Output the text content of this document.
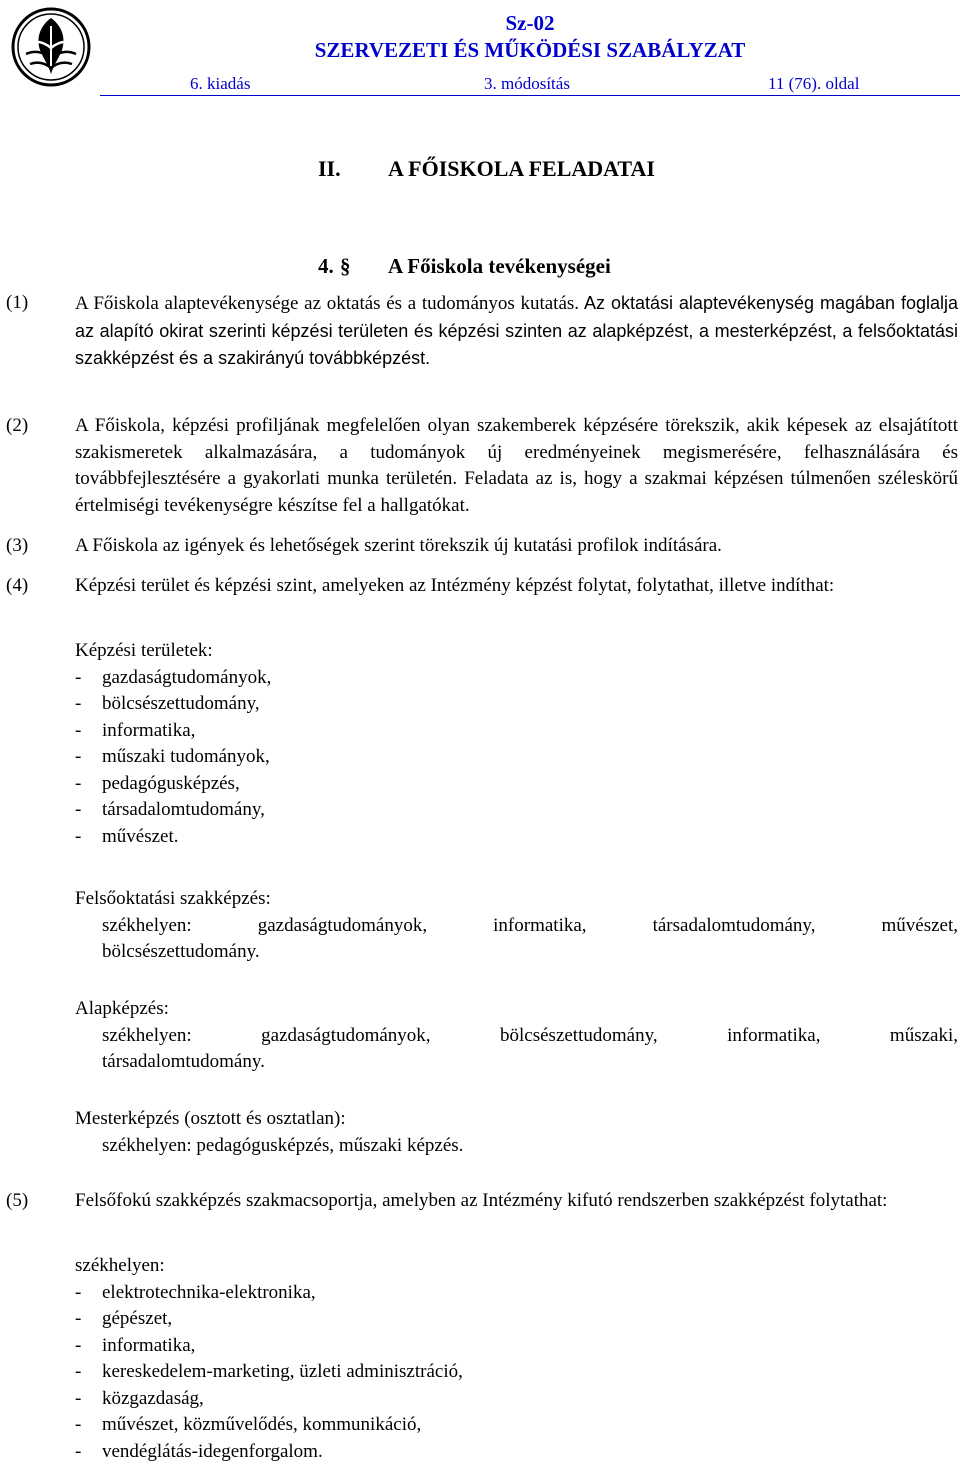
Sz-02
SZERVEZETI ÉS MŰKÖDÉSI SZABÁLYZAT
6. kiadás	3. módosítás	11 (76). oldal
II. A FŐISKOLA FELADATAI
4. § A Főiskola tevékenységei
(1) A Főiskola alaptevékenysége az oktatás és a tudományos kutatás. Az oktatási alaptevékenység magában foglalja az alapító okirat szerinti képzési területen és képzési szinten az alapképzést, a mesterképzést, a felsőoktatási szakképzést és a szakirányú továbbképzést.
(2) A Főiskola, képzési profiljának megfelelően olyan szakemberek képzésére törekszik, akik képesek az elsajátított szakismeretek alkalmazására, a tudományok új eredményeinek megismerésére, felhasználására és továbbfejlesztésére a gyakorlati munka területén. Feladata az is, hogy a szakmai képzésen túlmenően széleskörű értelmiségi tevékenységre készítse fel a hallgatókat.
(3) A Főiskola az igények és lehetőségek szerint törekszik új kutatási profilok indítására.
(4) Képzési terület és képzési szint, amelyeken az Intézmény képzést folytat, folytathat, illetve indíthat:
Képzési területek:
- gazdaságtudományok,
- bölcsészettudomány,
- informatika,
- műszaki tudományok,
- pedagógusképzés,
- társadalomtudomány,
- művészet.
Felsőoktatási szakképzés:
székhelyen: gazdaságtudományok, informatika, társadalomtudomány, művészet,
bölcsészettudomány.
Alapképzés:
székhelyen: gazdaságtudományok, bölcsészettudomány, informatika, műszaki,
társadalomtudomány.
Mesterképzés (osztott és osztatlan):
székhelyen: pedagógusképzés, műszaki képzés.
(5) Felsőfokú szakképzés szakmacsoportja, amelyben az Intézmény kifutó rendszerben szakképzést folytathat:
székhelyen:
- elektrotechnika-elektronika,
- gépészet,
- informatika,
- kereskedelem-marketing, üzleti adminisztráció,
- közgazdaság,
- művészet, közművelődés, kommunikáció,
- vendéglátás-idegenforgalom.
